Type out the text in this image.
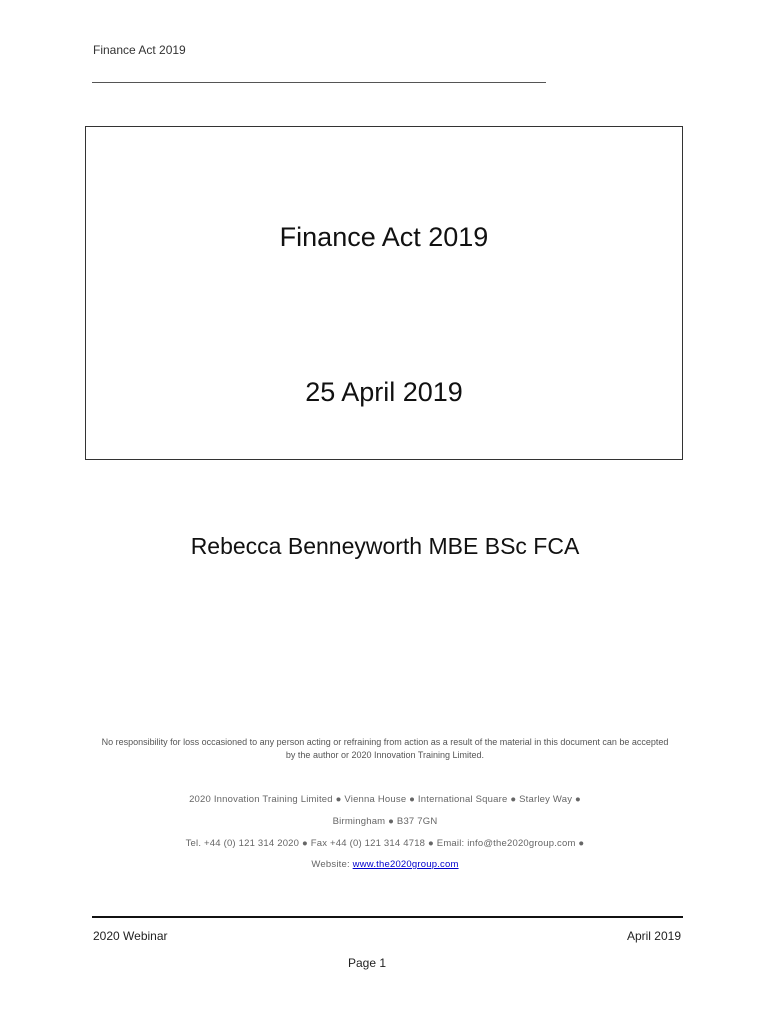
Finance Act 2019
Finance Act 2019
25 April 2019
Rebecca Benneyworth MBE BSc FCA
No responsibility for loss occasioned to any person acting or refraining from action as a result of the material in this document can be accepted by the author or 2020 Innovation Training Limited.
2020 Innovation Training Limited ● Vienna House ● International Square ● Starley Way ●
Birmingham ● B37 7GN
Tel. +44 (0) 121 314 2020 ● Fax +44 (0) 121 314 4718 ● Email: info@the2020group.com ●
Website: www.the2020group.com
2020 Webinar	April 2019
Page 1
